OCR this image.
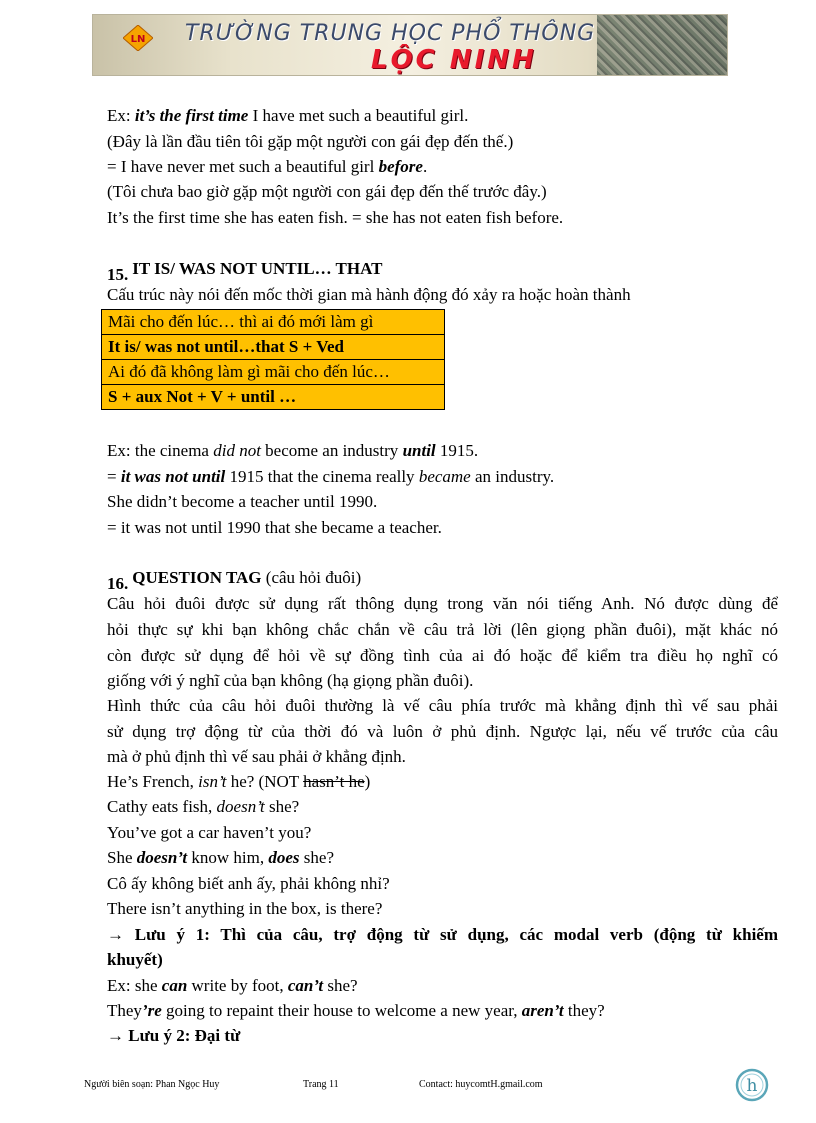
LN TRƯỜNG TRUNG HỌC PHỔ THÔNG
LỘC NINH
Ex: it’s the first time I have met such a beautiful girl.
(Đây là lần đầu tiên tôi gặp một người con gái đẹp đến thế.)
= I have never met such a beautiful girl before.
(Tôi chưa bao giờ gặp một người con gái đẹp đến thế trước đây.)
It’s the first time she has eaten fish. = she has not eaten fish before.
15. IT IS/ WAS NOT UNTIL… THAT
Cấu trúc này nói đến mốc thời gian mà hành động đó xảy ra hoặc hoàn thành
Mãi cho đến lúc… thì ai đó mới làm gì
It is/ was not until…that S + Ved
Ai đó đã không làm gì mãi cho đến lúc…
S + aux Not + V + until …
Ex: the cinema did not become an industry until 1915.
= it was not until 1915 that the cinema really became an industry.
She didn’t become a teacher until 1990.
= it was not until 1990 that she became a teacher.
16. QUESTION TAG (câu hỏi đuôi)
Câu hỏi đuôi được sử dụng rất thông dụng trong văn nói tiếng Anh. Nó được dùng để
hỏi thực sự khi bạn không chắc chắn về câu trả lời (lên giọng phần đuôi), mặt khác nó
còn được sử dụng để hỏi về sự đồng tình của ai đó hoặc để kiểm tra điều họ nghĩ có
giống với ý nghĩ của bạn không (hạ giọng phần đuôi).
Hình thức của câu hỏi đuôi thường là vế câu phía trước mà khẳng định thì vế sau phải
sử dụng trợ động từ của thời đó và luôn ở phủ định. Ngược lại, nếu vế trước của câu
mà ở phủ định thì vế sau phải ở khẳng định.
He’s French, isn’t he? (NOT hasn’t he)
Cathy eats fish, doesn’t she?
You’ve got a car haven’t you?
She doesn’t know him, does she?
Cô ấy không biết anh ấy, phải không nhỉ?
There isn’t anything in the box, is there?
→ Lưu ý 1: Thì của câu, trợ động từ sử dụng, các modal verb (động từ khiếm
khuyết)
Ex: she can write by foot, can’t she?
They’re going to repaint their house to welcome a new year, aren’t they?
→ Lưu ý 2: Đại từ
Người biên soạn: Phan Ngọc Huy	Trang 11	Contact: huycomtH.gmail.com	h
